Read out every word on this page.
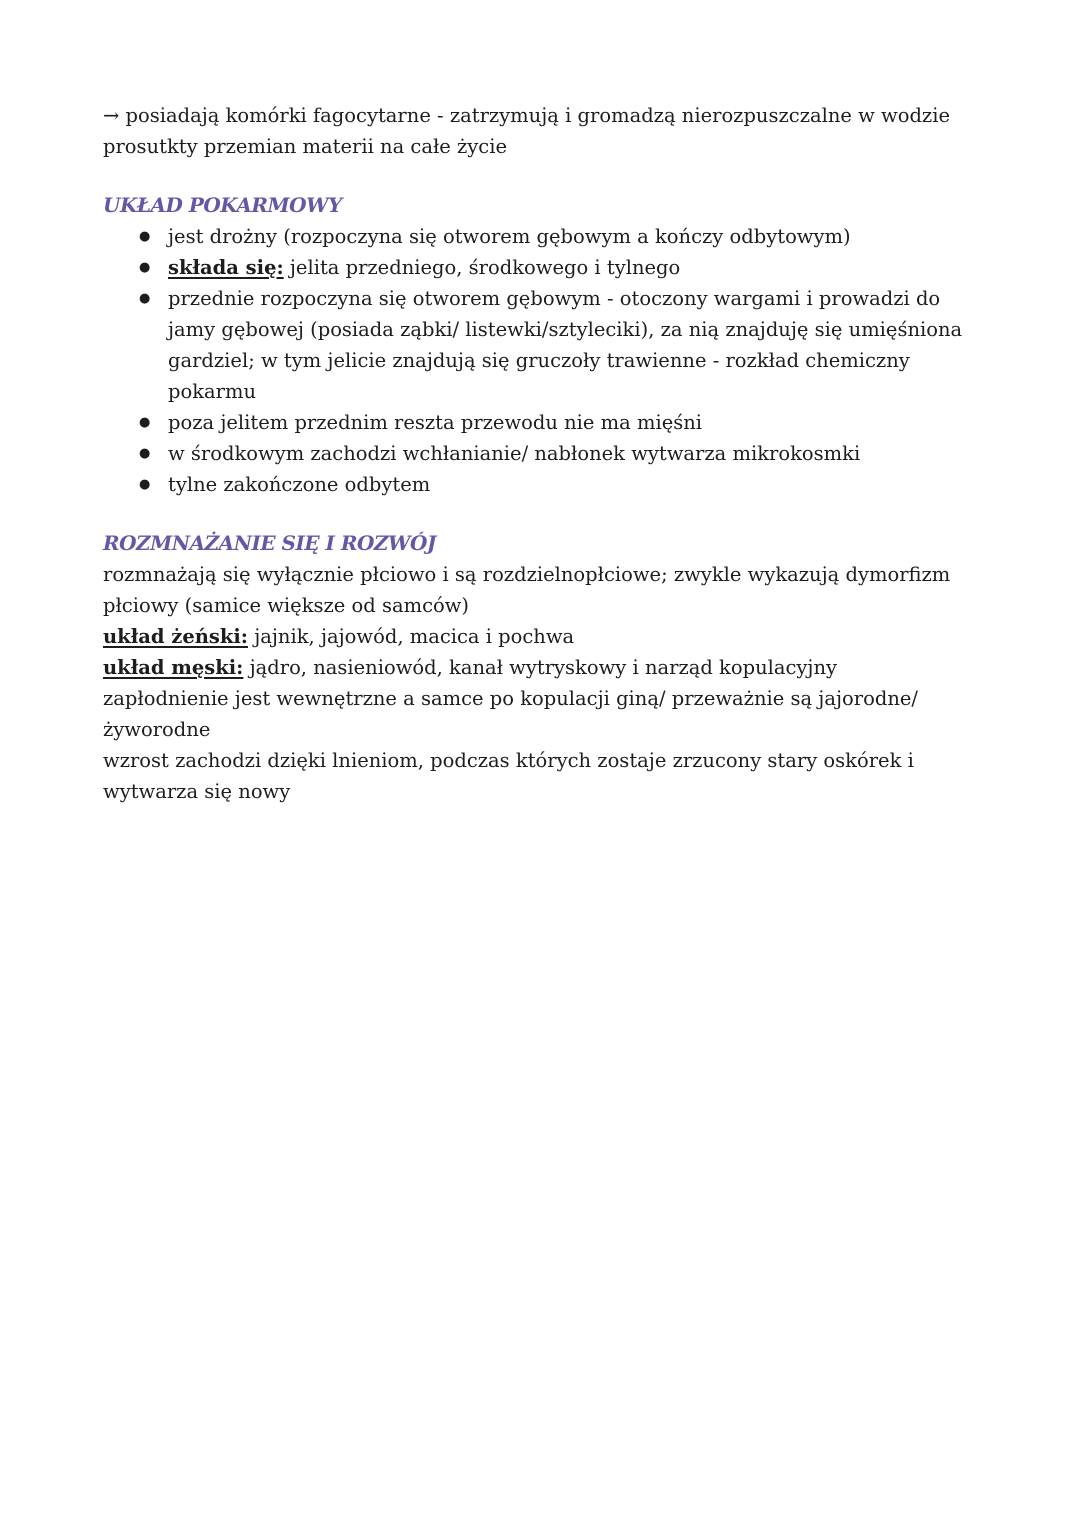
→ posiadają komórki fagocytarne - zatrzymują i gromadzą nierozpuszczalne w wodzie prosutkty przemian materii na całe życie

UKŁAD POKARMOWY
● jest drożny (rozpoczyna się otworem gębowym a kończy odbytowym)
● składa się: jelita przedniego, środkowego i tylnego
● przednie rozpoczyna się otworem gębowym - otoczony wargami i prowadzi do jamy gębowej (posiada ząbki/ listewki/sztyleciki), za nią znajduję się umięśniona gardziel; w tym jelicie znajdują się gruczoły trawienne - rozkład chemiczny pokarmu
● poza jelitem przednim reszta przewodu nie ma mięśni
● w środkowym zachodzi wchłanianie/ nabłonek wytwarza mikrokosmki
● tylne zakończone odbytem
ROZMNAŻANIE SIĘ I ROZWÓJ

rozmnażają się wyłącznie płciowo i są rozdzielnopłciowe; zwykle wykazują dymorfizm płciowy (samice większe od samców)

układ żeński: jajnik, jajowód, macica i pochwa

układ męski: jądro, nasieniowód, kanał wytryskowy i narząd kopulacyjny

zapłodnienie jest wewnętrzne a samce po kopulacji giną/ przeważnie są jajorodne/ żyworodne

wzrost zachodzi dzięki lnieniom, podczas których zostaje zrzucony stary oskórek i wytwarza się nowy
